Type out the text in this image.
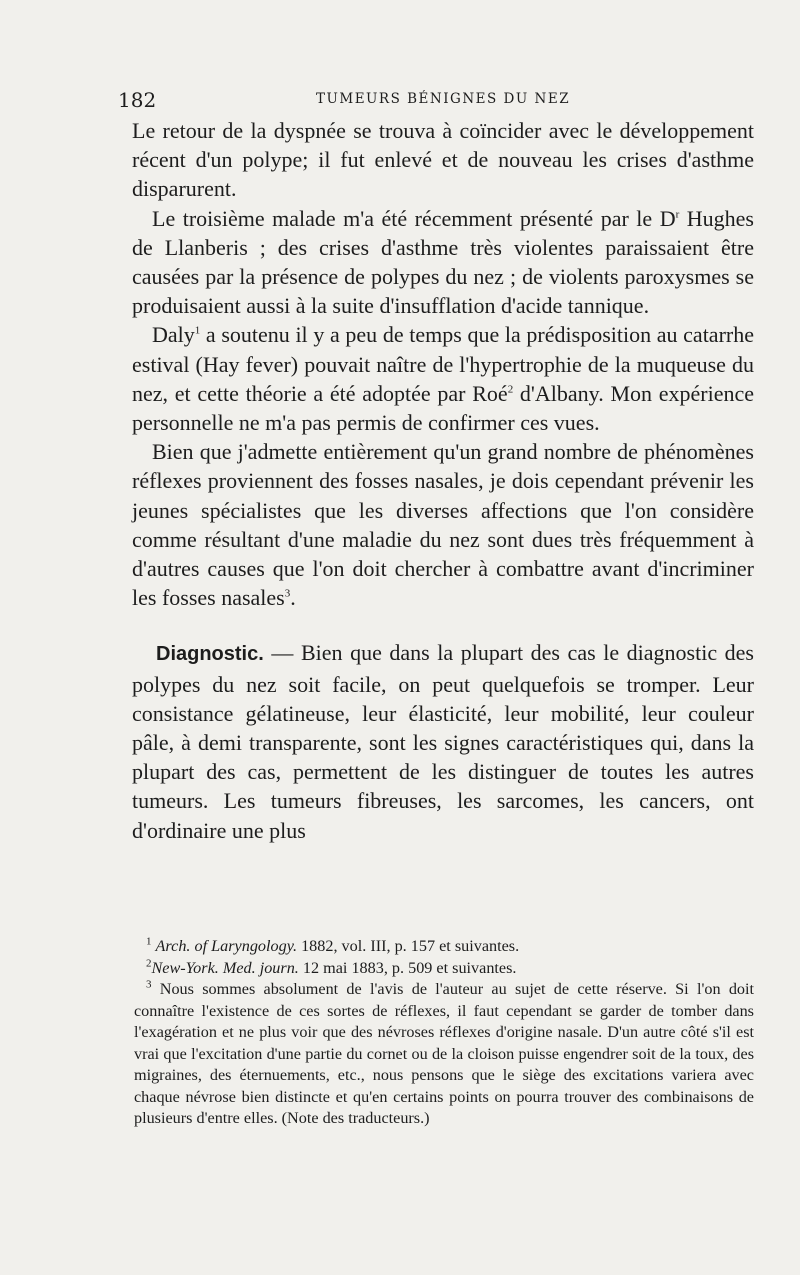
182	TUMEURS BÉNIGNES DU NEZ

Le retour de la dyspnée se trouva à coïncider avec le développement récent d'un polype; il fut enlevé et de nouveau les crises d'asthme disparurent.

Le troisième malade m'a été récemment présenté par le $D^r$ Hughes de Llanberis ; des crises d'asthme très violentes paraissaient être causées par la présence de polypes du nez ; de violents paroxysmes se produisaient aussi à la suite d'insufflation d'acide tannique.

Daly$^1$ a soutenu il y a peu de temps que la prédisposition au catarrhe estival (Hay fever) pouvait naître de l'hypertrophie de la muqueuse du nez, et cette théorie a été adoptée par Roé$^2$ d'Albany. Mon expérience personnelle ne m'a pas permis de confirmer ces vues.

Bien que j'admette entièrement qu'un grand nombre de phénomènes réflexes proviennent des fosses nasales, je dois cependant prévenir les jeunes spécialistes que les diverses affections que l'on considère comme résultant d'une maladie du nez sont dues très fréquemment à d'autres causes que l'on doit chercher à combattre avant d'incriminer les fosses nasales$^3$.

Diagnostic. — Bien que dans la plupart des cas le diagnostic des polypes du nez soit facile, on peut quelquefois se tromper. Leur consistance gélatineuse, leur élasticité, leur mobilité, leur couleur pâle, à demi transparente, sont les signes caractéristiques qui, dans la plupart des cas, permettent de les distinguer de toutes les autres tumeurs. Les tumeurs fibreuses, les sarcomes, les cancers, ont d'ordinaire une plus

$^1$ Arch. of Laryngology. 1882, vol. III, p. 157 et suivantes.

$^2$New-York. Med. journ. 12 mai 1883, p. 509 et suivantes.

$^3$ Nous sommes absolument de l'avis de l'auteur au sujet de cette réserve. Si l'on doit connaître l'existence de ces sortes de réflexes, il faut cependant se garder de tomber dans l'exagération et ne plus voir que des névroses réflexes d'origine nasale. D'un autre côté s'il est vrai que l'excitation d'une partie du cornet ou de la cloison puisse engendrer soit de la toux, des migraines, des éternuements, etc., nous pensons que le siège des excitations variera avec chaque névrose bien distincte et qu'en certains points on pourra trouver des combinaisons de plusieurs d'entre elles. (Note des traducteurs.)
